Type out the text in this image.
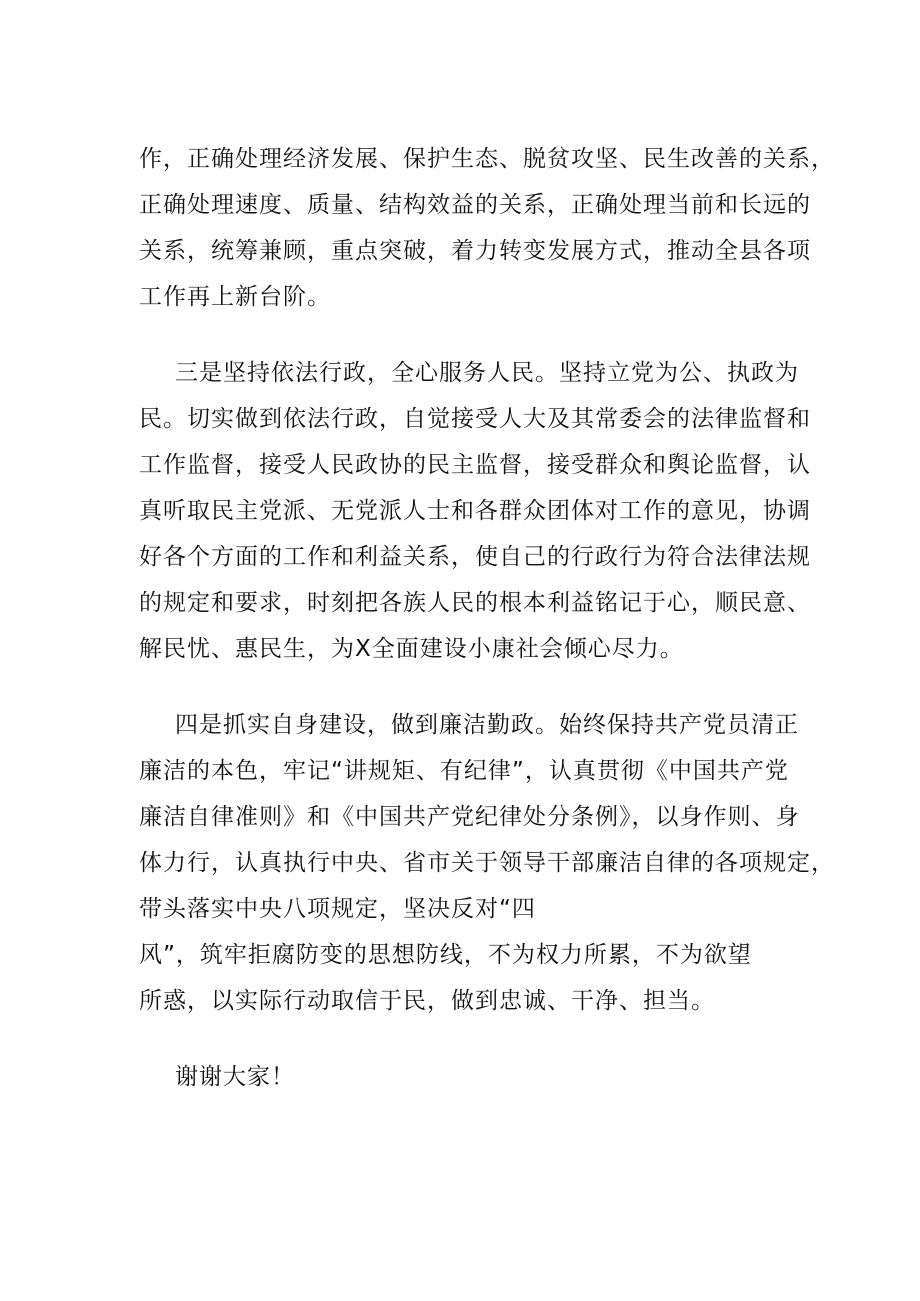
作，正确处理经济发展、保护生态、脱贫攻坚、民生改善的关系，
正确处理速度、质量、结构效益的关系，正确处理当前和长远的
关系，统筹兼顾，重点突破，着力转变发展方式，推动全县各项
工作再上新台阶。
三是坚持依法行政，全心服务人民。坚持立党为公、执政为
民。切实做到依法行政，自觉接受人大及其常委会的法律监督和
工作监督，接受人民政协的民主监督，接受群众和舆论监督，认
真听取民主党派、无党派人士和各群众团体对工作的意见，协调
好各个方面的工作和利益关系，使自己的行政行为符合法律法规
的规定和要求，时刻把各族人民的根本利益铭记于心，顺民意、
解民忧、惠民生，为X全面建设小康社会倾心尽力。
四是抓实自身建设，做到廉洁勤政。始终保持共产党员清正
廉洁的本色，牢记“讲规矩、有纪律”，认真贯彻《中国共产党
廉洁自律准则》和《中国共产党纪律处分条例》，以身作则、身
体力行，认真执行中央、省市关于领导干部廉洁自律的各项规定，
带头落实中央八项规定，坚决反对“四
风”，筑牢拒腐防变的思想防线，不为权力所累，不为欲望
所惑，以实际行动取信于民，做到忠诚、干净、担当。
谢谢大家！
